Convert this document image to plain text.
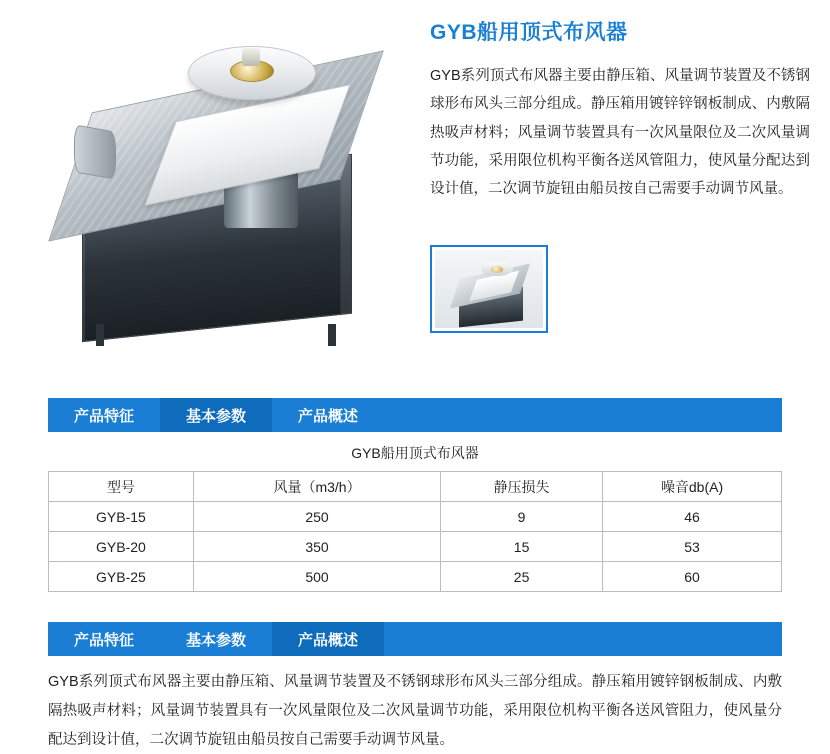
GYB船用顶式布风器
GYB系列顶式布风器主要由静压箱、风量调节装置及不锈钢球形布风头三部分组成。静压箱用镀锌锌钢板制成、内敷隔热吸声材料；风量调节装置具有一次风量限位及二次风量调节功能，采用限位机构平衡各送风管阻力，使风量分配达到设计值，二次调节旋钮由船员按自己需要手动调节风量。
产品特征	基本参数	产品概述
GYB船用顶式布风器
型号	风量（m3/h）	静压损失	噪音db(A)
GYB-15	250	9	46
GYB-20	350	15	53
GYB-25	500	25	60
产品特征	基本参数	产品概述
GYB系列顶式布风器主要由静压箱、风量调节装置及不锈钢球形布风头三部分组成。静压箱用镀锌钢板制成、内敷隔热吸声材料；风量调节装置具有一次风量限位及二次风量调节功能，采用限位机构平衡各送风管阻力，使风量分配达到设计值，二次调节旋钮由船员按自己需要手动调节风量。
